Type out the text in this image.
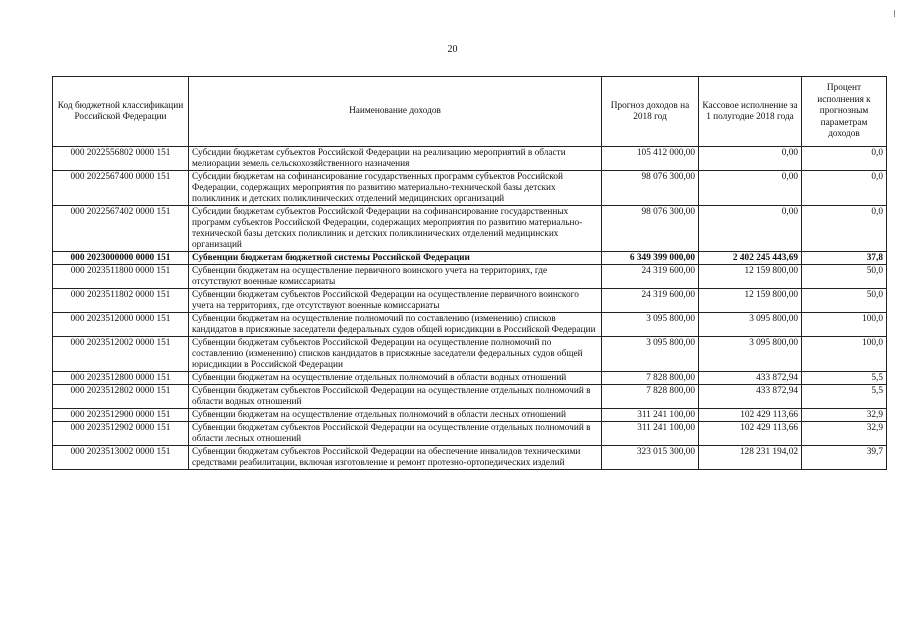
20
Код бюджетной классификации Российской Федерации	Наименование доходов	Прогноз доходов на 2018 год	Кассовое исполнение за 1 полугодие 2018 года	Процент исполнения к прогнозным параметрам доходов
000 2022556802 0000 151	Субсидии бюджетам субъектов Российской Федерации на реализацию мероприятий в области мелиорации земель сельскохозяйственного назначения	105 412 000,00	0,00	0,0
000 2022567400 0000 151	Субсидии бюджетам на софинансирование государственных программ субъектов Российской Федерации, содержащих мероприятия по развитию материально-технической базы детских поликлиник и детских поликлинических отделений медицинских организаций	98 076 300,00	0,00	0,0
000 2022567402 0000 151	Субсидии бюджетам субъектов Российской Федерации на софинансирование государственных программ субъектов Российской Федерации, содержащих мероприятия по развитию материально-технической базы детских поликлиник и детских поликлинических отделений медицинских организаций	98 076 300,00	0,00	0,0
000 2023000000 0000 151	Субвенции бюджетам бюджетной системы Российской Федерации	6 349 399 000,00	2 402 245 443,69	37,8
000 2023511800 0000 151	Субвенции бюджетам на осуществление первичного воинского учета на территориях, где отсутствуют военные комиссариаты	24 319 600,00	12 159 800,00	50,0
000 2023511802 0000 151	Субвенции бюджетам субъектов Российской Федерации на осуществление первичного воинского учета на территориях, где отсутствуют военные комиссариаты	24 319 600,00	12 159 800,00	50,0
000 2023512000 0000 151	Субвенции бюджетам на осуществление полномочий по составлению (изменению) списков кандидатов в присяжные заседатели федеральных судов общей юрисдикции в Российской Федерации	3 095 800,00	3 095 800,00	100,0
000 2023512002 0000 151	Субвенции бюджетам субъектов Российской Федерации на осуществление полномочий по составлению (изменению) списков кандидатов в присяжные заседатели федеральных судов общей юрисдикции в Российской Федерации	3 095 800,00	3 095 800,00	100,0
000 2023512800 0000 151	Субвенции бюджетам на осуществление отдельных полномочий в области водных отношений	7 828 800,00	433 872,94	5,5
000 2023512802 0000 151	Субвенции бюджетам субъектов Российской Федерации на осуществление отдельных полномочий в области водных отношений	7 828 800,00	433 872,94	5,5
000 2023512900 0000 151	Субвенции бюджетам на осуществление отдельных полномочий в области лесных отношений	311 241 100,00	102 429 113,66	32,9
000 2023512902 0000 151	Субвенции бюджетам субъектов Российской Федерации на осуществление отдельных полномочий в области лесных отношений	311 241 100,00	102 429 113,66	32,9
000 2023513002 0000 151	Субвенции бюджетам субъектов Российской Федерации на обеспечение инвалидов техническими средствами реабилитации, включая изготовление и ремонт протезно-ортопедических изделий	323 015 300,00	128 231 194,02	39,7
